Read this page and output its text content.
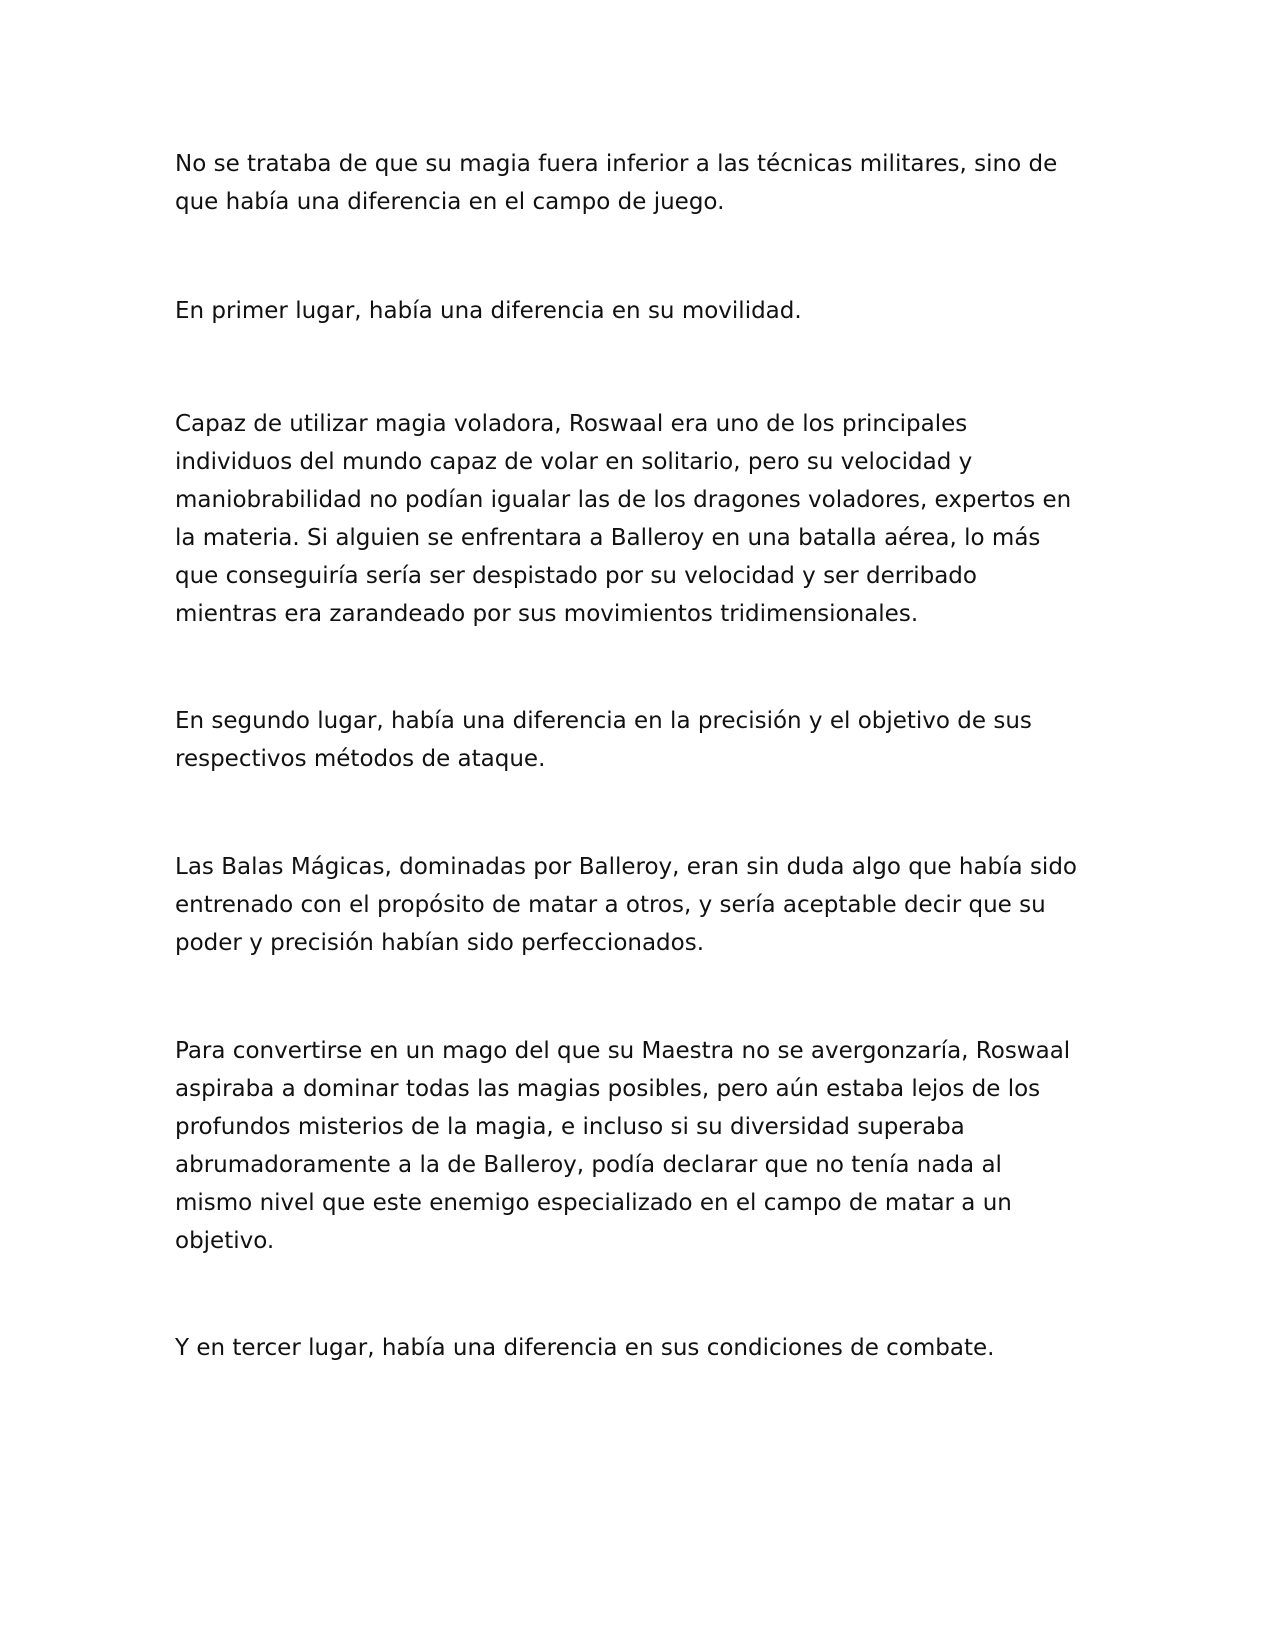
No se trataba de que su magia fuera inferior a las técnicas militares, sino de
que había una diferencia en el campo de juego.

En primer lugar, había una diferencia en su movilidad.

Capaz de utilizar magia voladora, Roswaal era uno de los principales
individuos del mundo capaz de volar en solitario, pero su velocidad y
maniobrabilidad no podían igualar las de los dragones voladores, expertos en
la materia. Si alguien se enfrentara a Balleroy en una batalla aérea, lo más
que conseguiría sería ser despistado por su velocidad y ser derribado
mientras era zarandeado por sus movimientos tridimensionales.

En segundo lugar, había una diferencia en la precisión y el objetivo de sus
respectivos métodos de ataque.

Las Balas Mágicas, dominadas por Balleroy, eran sin duda algo que había sido
entrenado con el propósito de matar a otros, y sería aceptable decir que su
poder y precisión habían sido perfeccionados.

Para convertirse en un mago del que su Maestra no se avergonzaría, Roswaal
aspiraba a dominar todas las magias posibles, pero aún estaba lejos de los
profundos misterios de la magia, e incluso si su diversidad superaba
abrumadoramente a la de Balleroy, podía declarar que no tenía nada al
mismo nivel que este enemigo especializado en el campo de matar a un
objetivo.

Y en tercer lugar, había una diferencia en sus condiciones de combate.
